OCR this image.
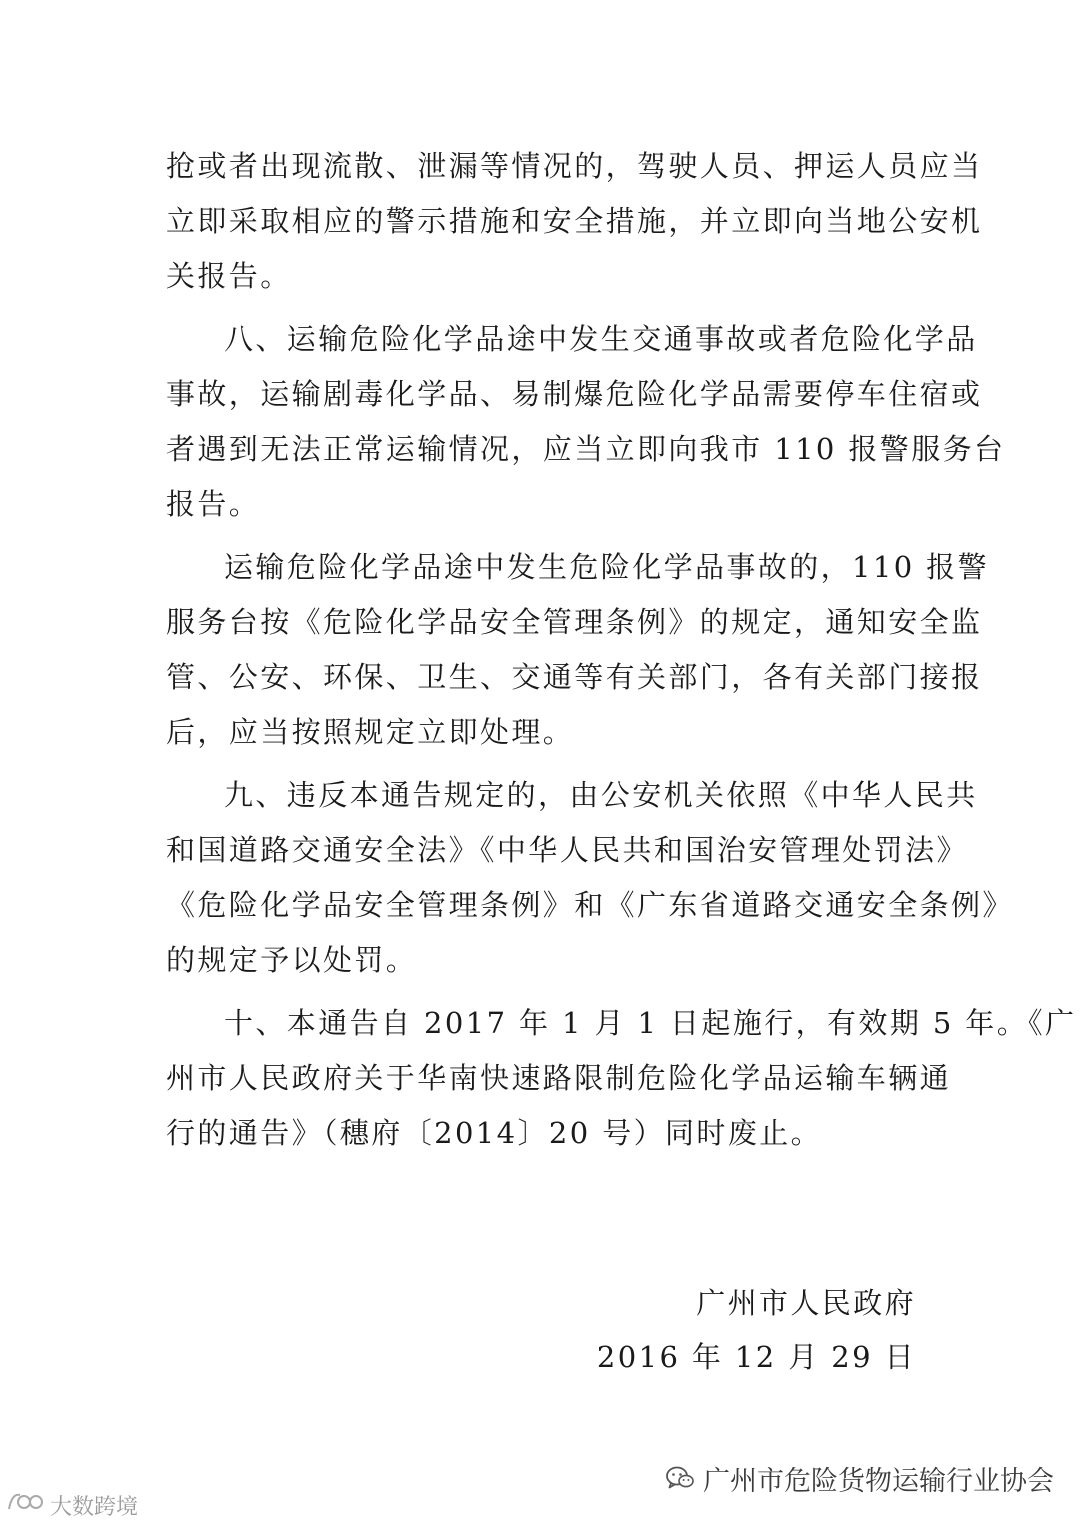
抢或者出现流散、泄漏等情况的，驾驶人员、押运人员应当
立即采取相应的警示措施和安全措施，并立即向当地公安机
关报告。
八、运输危险化学品途中发生交通事故或者危险化学品
事故，运输剧毒化学品、易制爆危险化学品需要停车住宿或
者遇到无法正常运输情况，应当立即向我市 110 报警服务台
报告。
运输危险化学品途中发生危险化学品事故的，110 报警
服务台按《危险化学品安全管理条例》的规定，通知安全监
管、公安、环保、卫生、交通等有关部门，各有关部门接报
后，应当按照规定立即处理。
九、违反本通告规定的，由公安机关依照《中华人民共
和国道路交通安全法》《中华人民共和国治安管理处罚法》
《危险化学品安全管理条例》和《广东省道路交通安全条例》
的规定予以处罚。
十、本通告自 2017 年 1 月 1 日起施行，有效期 5 年。《广
州市人民政府关于华南快速路限制危险化学品运输车辆通
行的通告》（穗府〔2014〕20 号）同时废止。
广州市人民政府
2016 年 12 月 29 日
广州市危险货物运输行业协会
大数跨境
